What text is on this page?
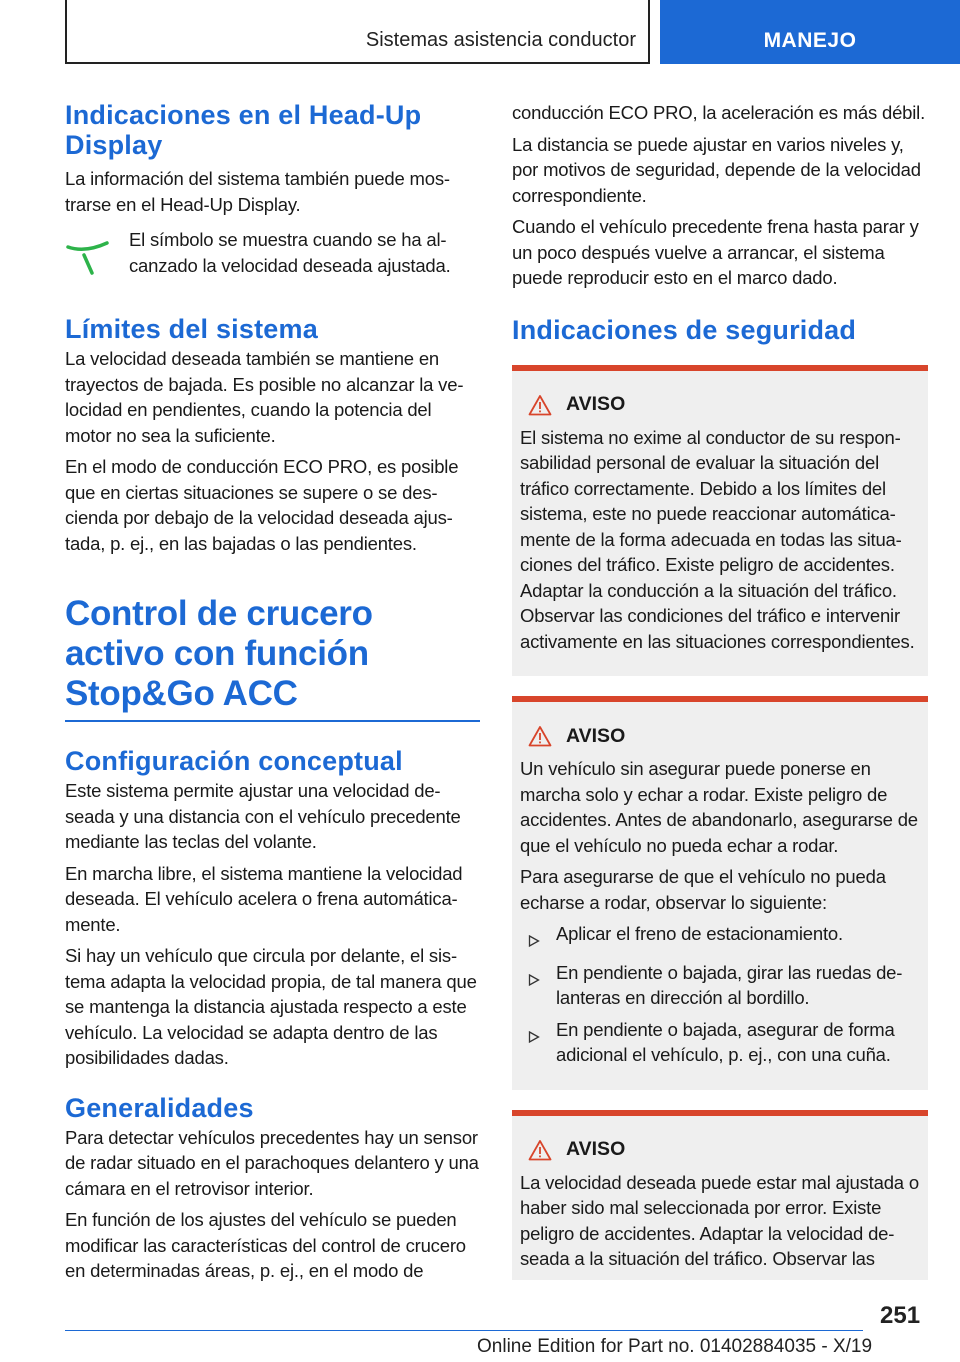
Sistemas asistencia conductor	MANEJO
Indicaciones en el Head-Up Display

La información del sistema también puede mostrarse en el Head-Up Display.

El símbolo se muestra cuando se ha alcanzado la velocidad deseada ajustada.

Límites del sistema

La velocidad deseada también se mantiene en trayectos de bajada. Es posible no alcanzar la velocidad en pendientes, cuando la potencia del motor no sea la suficiente.

En el modo de conducción ECO PRO, es posible que en ciertas situaciones se supere o se descienda por debajo de la velocidad deseada ajustada, p. ej., en las bajadas o las pendientes.

Control de crucero activo con función Stop&Go ACC
Configuración conceptual

Este sistema permite ajustar una velocidad deseada y una distancia con el vehículo precedente mediante las teclas del volante.

En marcha libre, el sistema mantiene la velocidad deseada. El vehículo acelera o frena automáticamente.

Si hay un vehículo que circula por delante, el sistema adapta la velocidad propia, de tal manera que se mantenga la distancia ajustada respecto a este vehículo. La velocidad se adapta dentro de las posibilidades dadas.

Generalidades

Para detectar vehículos precedentes hay un sensor de radar situado en el parachoques delantero y una cámara en el retrovisor interior.

En función de los ajustes del vehículo se pueden modificar las características del control de crucero en determinadas áreas, p. ej., en el modo de

conducción ECO PRO, la aceleración es más débil.

La distancia se puede ajustar en varios niveles y, por motivos de seguridad, depende de la velocidad correspondiente.

Cuando el vehículo precedente frena hasta parar y un poco después vuelve a arrancar, el sistema puede reproducir esto en el marco dado.

Indicaciones de seguridad
AVISO

El sistema no exime al conductor de su responsabilidad personal de evaluar la situación del tráfico correctamente. Debido a los límites del sistema, este no puede reaccionar automáticamente de la forma adecuada en todas las situaciones del tráfico. Existe peligro de accidentes. Adaptar la conducción a la situación del tráfico. Observar las condiciones del tráfico e intervenir activamente en las situaciones correspondientes.

AVISO

Un vehículo sin asegurar puede ponerse en marcha solo y echar a rodar. Existe peligro de accidentes. Antes de abandonarlo, asegurarse de que el vehículo no pueda echar a rodar.

Para asegurarse de que el vehículo no pueda echarse a rodar, observar lo siguiente:

Aplicar el freno de estacionamiento.
En pendiente o bajada, girar las ruedas delanteras en dirección al bordillo.
En pendiente o bajada, asegurar de forma adicional el vehículo, p. ej., con una cuña.
AVISO

La velocidad deseada puede estar mal ajustada o haber sido mal seleccionada por error. Existe peligro de accidentes. Adaptar la velocidad deseada a la situación del tráfico. Observar las

251
Online Edition for Part no. 01402884035 - X/19
